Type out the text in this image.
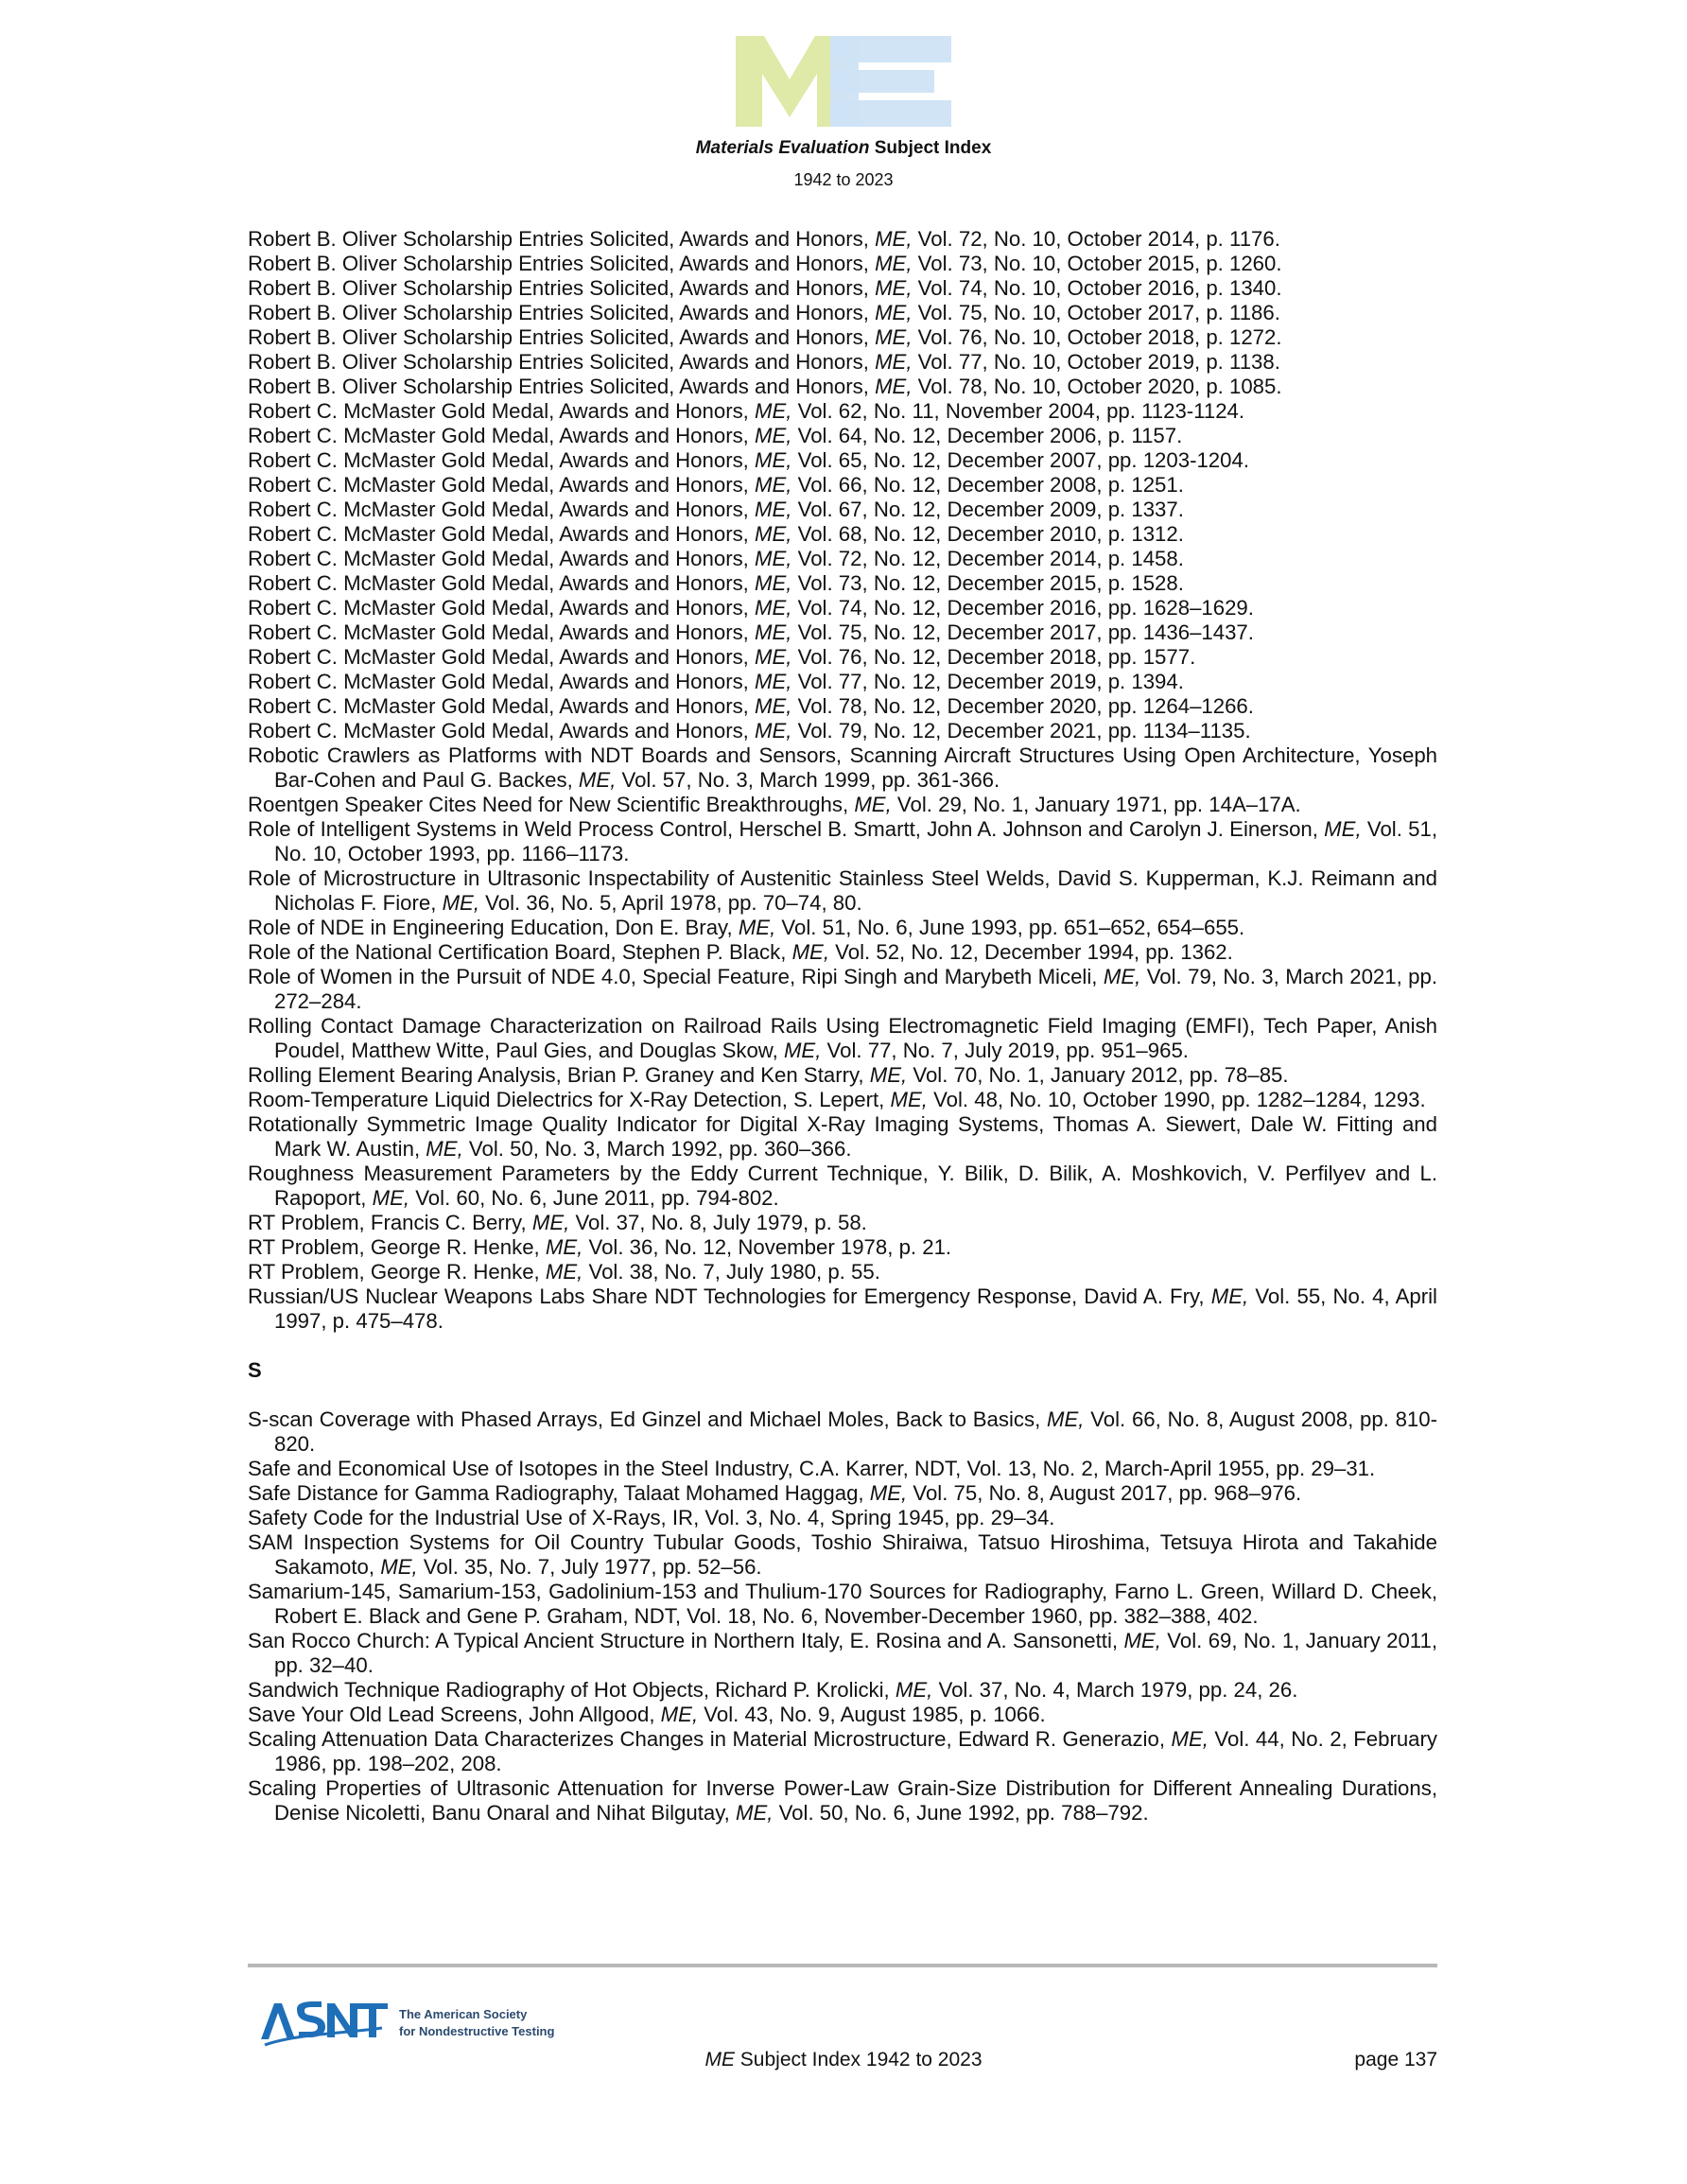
Materials Evaluation Subject Index
1942 to 2023

Robert B. Oliver Scholarship Entries Solicited, Awards and Honors, ME, Vol. 72, No. 10, October 2014, p. 1176.

Robert B. Oliver Scholarship Entries Solicited, Awards and Honors, ME, Vol. 73, No. 10, October 2015, p. 1260.

Robert B. Oliver Scholarship Entries Solicited, Awards and Honors, ME, Vol. 74, No. 10, October 2016, p. 1340.

Robert B. Oliver Scholarship Entries Solicited, Awards and Honors, ME, Vol. 75, No. 10, October 2017, p. 1186.

Robert B. Oliver Scholarship Entries Solicited, Awards and Honors, ME, Vol. 76, No. 10, October 2018, p. 1272.

Robert B. Oliver Scholarship Entries Solicited, Awards and Honors, ME, Vol. 77, No. 10, October 2019, p. 1138.

Robert B. Oliver Scholarship Entries Solicited, Awards and Honors, ME, Vol. 78, No. 10, October 2020, p. 1085.

Robert C. McMaster Gold Medal, Awards and Honors, ME, Vol. 62, No. 11, November 2004, pp. 1123-1124.

Robert C. McMaster Gold Medal, Awards and Honors, ME, Vol. 64, No. 12, December 2006, p. 1157.

Robert C. McMaster Gold Medal, Awards and Honors, ME, Vol. 65, No. 12, December 2007, pp. 1203-1204.

Robert C. McMaster Gold Medal, Awards and Honors, ME, Vol. 66, No. 12, December 2008, p. 1251.

Robert C. McMaster Gold Medal, Awards and Honors, ME, Vol. 67, No. 12, December 2009, p. 1337.

Robert C. McMaster Gold Medal, Awards and Honors, ME, Vol. 68, No. 12, December 2010, p. 1312.

Robert C. McMaster Gold Medal, Awards and Honors, ME, Vol. 72, No. 12, December 2014, p. 1458.

Robert C. McMaster Gold Medal, Awards and Honors, ME, Vol. 73, No. 12, December 2015, p. 1528.

Robert C. McMaster Gold Medal, Awards and Honors, ME, Vol. 74, No. 12, December 2016, pp. 1628–1629.

Robert C. McMaster Gold Medal, Awards and Honors, ME, Vol. 75, No. 12, December 2017, pp. 1436–1437.

Robert C. McMaster Gold Medal, Awards and Honors, ME, Vol. 76, No. 12, December 2018, pp. 1577.

Robert C. McMaster Gold Medal, Awards and Honors, ME, Vol. 77, No. 12, December 2019, p. 1394.

Robert C. McMaster Gold Medal, Awards and Honors, ME, Vol. 78, No. 12, December 2020, pp. 1264–1266.

Robert C. McMaster Gold Medal, Awards and Honors, ME, Vol. 79, No. 12, December 2021, pp. 1134–1135.

Robotic Crawlers as Platforms with NDT Boards and Sensors, Scanning Aircraft Structures Using Open Architecture, Yoseph Bar-Cohen and Paul G. Backes, ME, Vol. 57, No. 3, March 1999, pp. 361-366.

Roentgen Speaker Cites Need for New Scientific Breakthroughs, ME, Vol. 29, No. 1, January 1971, pp. 14A–17A.

Role of Intelligent Systems in Weld Process Control, Herschel B. Smartt, John A. Johnson and Carolyn J. Einerson, ME, Vol. 51, No. 10, October 1993, pp. 1166–1173.

Role of Microstructure in Ultrasonic Inspectability of Austenitic Stainless Steel Welds, David S. Kupperman, K.J. Reimann and Nicholas F. Fiore, ME, Vol. 36, No. 5, April 1978, pp. 70–74, 80.

Role of NDE in Engineering Education, Don E. Bray, ME, Vol. 51, No. 6, June 1993, pp. 651–652, 654–655.

Role of the National Certification Board, Stephen P. Black, ME, Vol. 52, No. 12, December 1994, pp. 1362.

Role of Women in the Pursuit of NDE 4.0, Special Feature, Ripi Singh and Marybeth Miceli, ME, Vol. 79, No. 3, March 2021, pp. 272–284.

Rolling Contact Damage Characterization on Railroad Rails Using Electromagnetic Field Imaging (EMFI), Tech Paper, Anish Poudel, Matthew Witte, Paul Gies, and Douglas Skow, ME, Vol. 77, No. 7, July 2019, pp. 951–965.

Rolling Element Bearing Analysis, Brian P. Graney and Ken Starry, ME, Vol. 70, No. 1, January 2012, pp. 78–85.

Room-Temperature Liquid Dielectrics for X-Ray Detection, S. Lepert, ME, Vol. 48, No. 10, October 1990, pp. 1282–1284, 1293.

Rotationally Symmetric Image Quality Indicator for Digital X-Ray Imaging Systems, Thomas A. Siewert, Dale W. Fitting and Mark W. Austin, ME, Vol. 50, No. 3, March 1992, pp. 360–366.

Roughness Measurement Parameters by the Eddy Current Technique, Y. Bilik, D. Bilik, A. Moshkovich, V. Perfilyev and L. Rapoport, ME, Vol. 60, No. 6, June 2011, pp. 794-802.

RT Problem, Francis C. Berry, ME, Vol. 37, No. 8, July 1979, p. 58.

RT Problem, George R. Henke, ME, Vol. 36, No. 12, November 1978, p. 21.

RT Problem, George R. Henke, ME, Vol. 38, No. 7, July 1980, p. 55.

Russian/US Nuclear Weapons Labs Share NDT Technologies for Emergency Response, David A. Fry, ME, Vol. 55, No. 4, April 1997, p. 475–478.

S

S-scan Coverage with Phased Arrays, Ed Ginzel and Michael Moles, Back to Basics, ME, Vol. 66, No. 8, August 2008, pp. 810-820.

Safe and Economical Use of Isotopes in the Steel Industry, C.A. Karrer, NDT, Vol. 13, No. 2, March-April 1955, pp. 29–31.

Safe Distance for Gamma Radiography, Talaat Mohamed Haggag, ME, Vol. 75, No. 8, August 2017, pp. 968–976.

Safety Code for the Industrial Use of X-Rays, IR, Vol. 3, No. 4, Spring 1945, pp. 29–34.

SAM Inspection Systems for Oil Country Tubular Goods, Toshio Shiraiwa, Tatsuo Hiroshima, Tetsuya Hirota and Takahide Sakamoto, ME, Vol. 35, No. 7, July 1977, pp. 52–56.

Samarium-145, Samarium-153, Gadolinium-153 and Thulium-170 Sources for Radiography, Farno L. Green, Willard D. Cheek, Robert E. Black and Gene P. Graham, NDT, Vol. 18, No. 6, November-December 1960, pp. 382–388, 402.

San Rocco Church: A Typical Ancient Structure in Northern Italy, E. Rosina and A. Sansonetti, ME, Vol. 69, No. 1, January 2011, pp. 32–40.

Sandwich Technique Radiography of Hot Objects, Richard P. Krolicki, ME, Vol. 37, No. 4, March 1979, pp. 24, 26.

Save Your Old Lead Screens, John Allgood, ME, Vol. 43, No. 9, August 1985, p. 1066.

Scaling Attenuation Data Characterizes Changes in Material Microstructure, Edward R. Generazio, ME, Vol. 44, No. 2, February 1986, pp. 198–202, 208.

Scaling Properties of Ultrasonic Attenuation for Inverse Power-Law Grain-Size Distribution for Different Annealing Durations, Denise Nicoletti, Banu Onaral and Nihat Bilgutay, ME, Vol. 50, No. 6, June 1992, pp. 788–792.

The American Society
for Nondestructive Testing
ME Subject Index 1942 to 2023	page 137
